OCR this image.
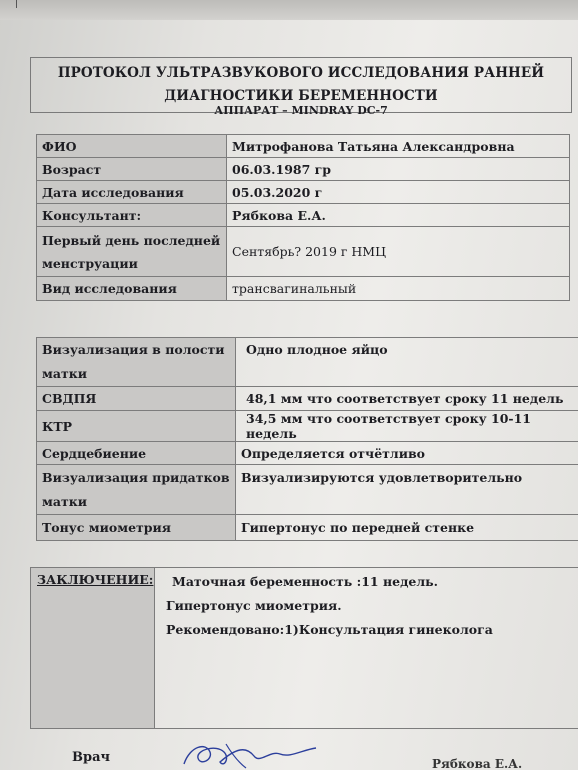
ПРОТОКОЛ УЛЬТРАЗВУКОВОГО ИССЛЕДОВАНИЯ РАННЕЙ
ДИАГНОСТИКИ БЕРЕМЕННОСТИ
АППАРАТ – MINDRAY DC-7
ФИО	Митрофанова Татьяна Александровна
Возраст	06.03.1987 гр
Дата исследования	05.03.2020 г
Консультант:	Рябкова Е.А.

Первый день последней
менструации	Сентябрь? 2019 г НМЦ
Вид исследования	трансвагинальный
Визуализация в полости
матки	Одно плодное яйцо
СВДПЯ	48,1 мм что соответствует сроку 11 недель
КТР	34,5 мм что соответствует сроку 10-11 недель
Сердцебиение	Определяется отчётливо

Визуализация придатков
матки	Визуализируются удовлетворительно
Тонус миометрия	Гипертонус по передней стенке
ЗАКЛЮЧЕНИЕ:	Маточная беременность :11 недель.
Гипертонус миометрия.
Рекомендовано:1)Консультация гинеколога
Врач	Рябкова Е.А.
